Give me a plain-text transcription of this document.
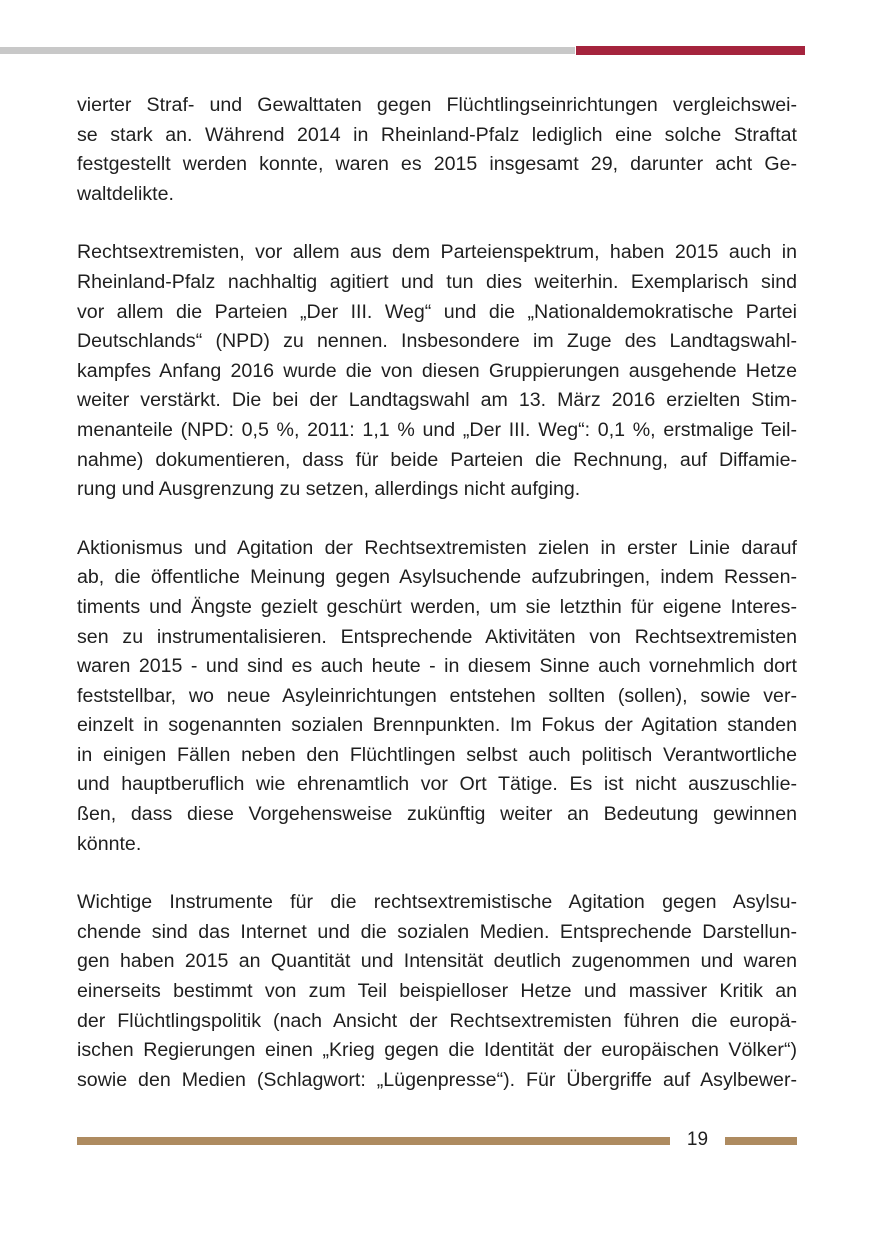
vierter Straf- und Gewalttaten gegen Flüchtlingseinrichtungen vergleichswei-
se stark an. Während 2014 in Rheinland-Pfalz lediglich eine solche Straftat
festgestellt werden konnte, waren es 2015 insgesamt 29, darunter acht Ge-
waltdelikte.

Rechtsextremisten, vor allem aus dem Parteienspektrum, haben 2015 auch in
Rheinland-Pfalz nachhaltig agitiert und tun dies weiterhin. Exemplarisch sind
vor allem die Parteien „Der III. Weg“ und die „Nationaldemokratische Partei
Deutschlands“ (NPD) zu nennen. Insbesondere im Zuge des Landtagswahl-
kampfes Anfang 2016 wurde die von diesen Gruppierungen ausgehende Hetze
weiter verstärkt. Die bei der Landtagswahl am 13. März 2016 erzielten Stim-
menanteile (NPD: 0,5 %, 2011: 1,1 % und „Der III. Weg“: 0,1 %, erstmalige Teil-
nahme) dokumentieren, dass für beide Parteien die Rechnung, auf Diffamie-
rung und Ausgrenzung zu setzen, allerdings nicht aufging.

Aktionismus und Agitation der Rechtsextremisten zielen in erster Linie darauf
ab, die öffentliche Meinung gegen Asylsuchende aufzubringen, indem Ressen-
timents und Ängste gezielt geschürt werden, um sie letzthin für eigene Interes-
sen zu instrumentalisieren. Entsprechende Aktivitäten von Rechtsextremisten
waren 2015 - und sind es auch heute - in diesem Sinne auch vornehmlich dort
feststellbar, wo neue Asyleinrichtungen entstehen sollten (sollen), sowie ver-
einzelt in sogenannten sozialen Brennpunkten. Im Fokus der Agitation standen
in einigen Fällen neben den Flüchtlingen selbst auch politisch Verantwortliche
und hauptberuflich wie ehrenamtlich vor Ort Tätige. Es ist nicht auszuschlie-
ßen, dass diese Vorgehensweise zukünftig weiter an Bedeutung gewinnen
könnte.

Wichtige Instrumente für die rechtsextremistische Agitation gegen Asylsu-
chende sind das Internet und die sozialen Medien. Entsprechende Darstellun-
gen haben 2015 an Quantität und Intensität deutlich zugenommen und waren
einerseits bestimmt von zum Teil beispielloser Hetze und massiver Kritik an
der Flüchtlingspolitik (nach Ansicht der Rechtsextremisten führen die europä-
ischen Regierungen einen „Krieg gegen die Identität der europäischen Völker“)
sowie den Medien (Schlagwort: „Lügenpresse“). Für Übergriffe auf Asylbewer-

19
